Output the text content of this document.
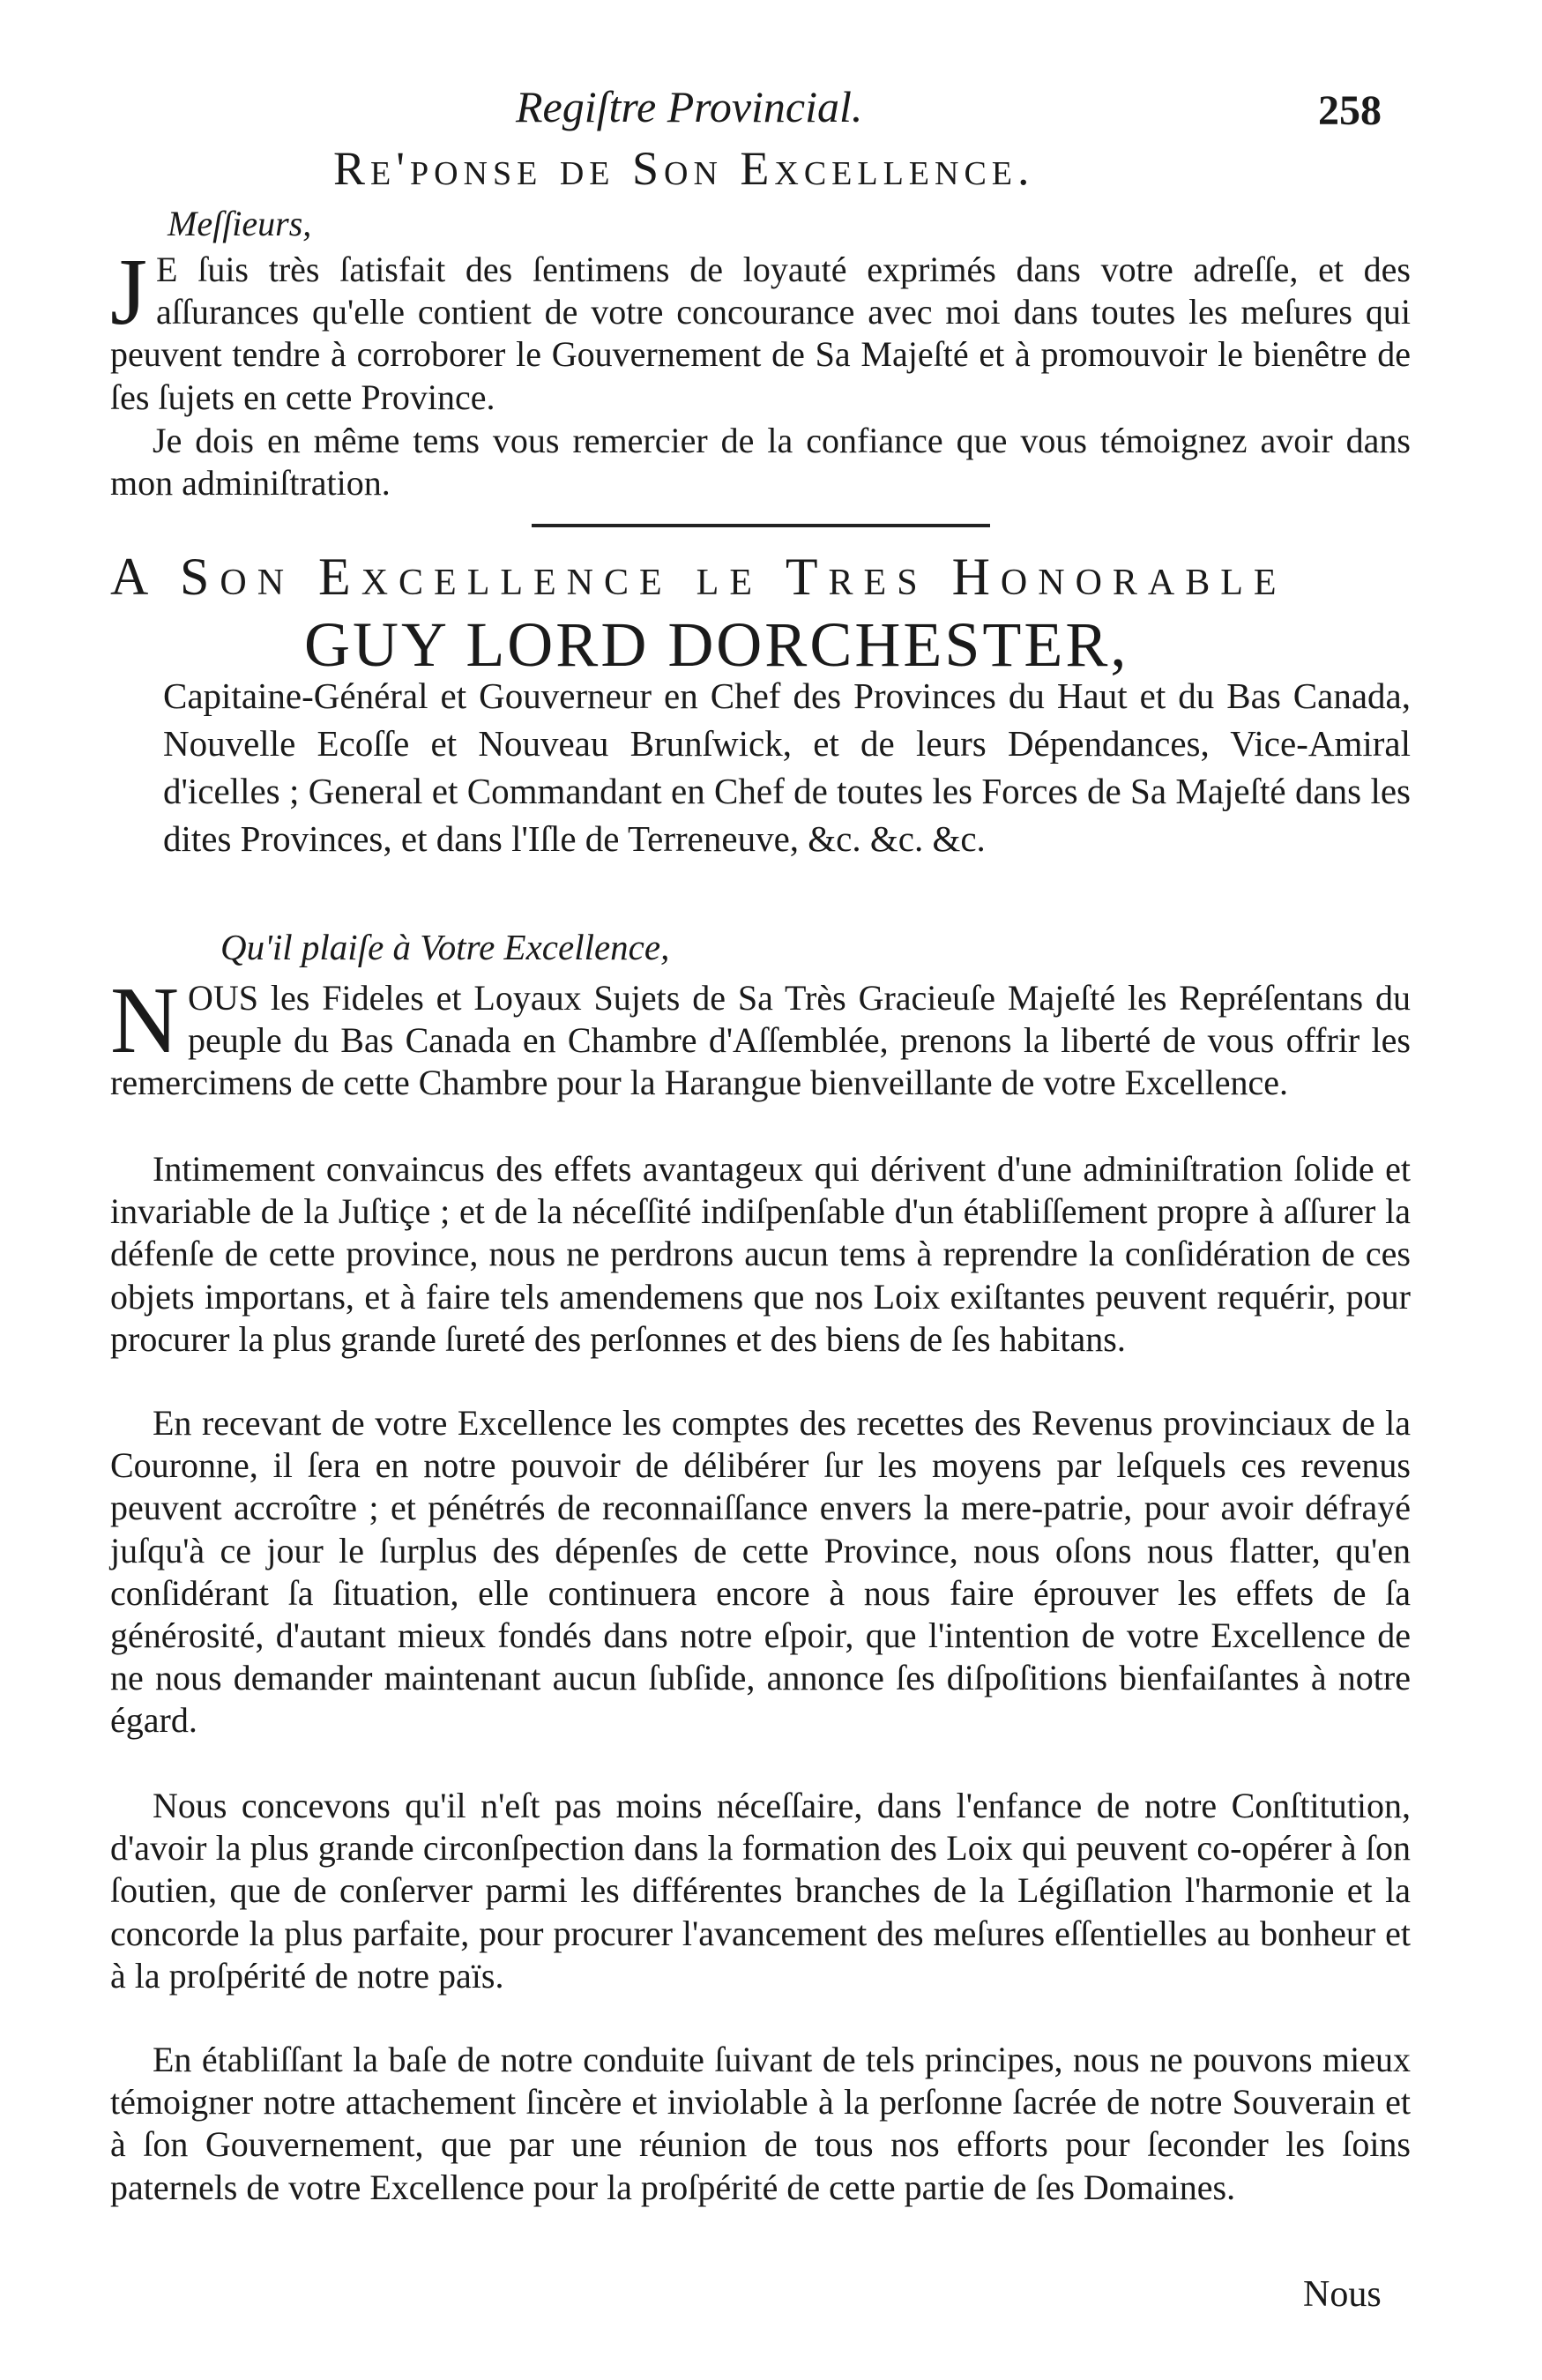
Regiſtre Provincial.	258
Re'ponse de Son Excellence.
Meſſieurs,
J E ſuis très ſatisfait des ſentimens de loyauté exprimés dans votre adreſſe, et des aſſurances qu'elle contient de votre concourance avec moi dans toutes les meſures qui peuvent tendre à corroborer le Gouvernement de Sa Majeſté et à promouvoir le bienêtre de ſes ſujets en cette Province.
Je dois en même tems vous remercier de la confiance que vous témoignez avoir dans mon adminiſtration.
A Son Excellence le Tres Honorable
GUY LORD DORCHESTER,
Capitaine-Général et Gouverneur en Chef des Provinces du Haut et du Bas Canada, Nouvelle Ecoſſe et Nouveau Brunſwick, et de leurs Dépendances, Vice-Amiral d'icelles ; General et Commandant en Chef de toutes les Forces de Sa Majeſté dans les dites Provinces, et dans l'Iſle de Terreneuve, &c. &c. &c.
Qu'il plaiſe à Votre Excellence,
N OUS les Fideles et Loyaux Sujets de Sa Très Gracieuſe Majeſté les Repréſentans du peuple du Bas Canada en Chambre d'Aſſemblée, prenons la liberté de vous offrir les remercimens de cette Chambre pour la Harangue bienveillante de votre Excellence.
Intimement convaincus des effets avantageux qui dérivent d'une adminiſtration ſolide et invariable de la Juſtiçe ; et de la néceſſité indiſpenſable d'un établiſſement propre à aſſurer la défenſe de cette province, nous ne perdrons aucun tems à reprendre la conſidération de ces objets importans, et à faire tels amendemens que nos Loix exiſtantes peuvent requérir, pour procurer la plus grande ſureté des perſonnes et des biens de ſes habitans.
En recevant de votre Excellence les comptes des recettes des Revenus provinciaux de la Couronne, il ſera en notre pouvoir de délibérer ſur les moyens par leſquels ces revenus peuvent accroître ; et pénétrés de reconnaiſſance envers la mere-patrie, pour avoir défrayé juſqu'à ce jour le ſurplus des dépenſes de cette Province, nous oſons nous flatter, qu'en conſidérant ſa ſituation, elle continuera encore à nous faire éprouver les effets de ſa générosité, d'autant mieux fondés dans notre eſpoir, que l'intention de votre Excellence de ne nous demander maintenant aucun ſubſide, annonce ſes diſpoſitions bienfaiſantes à notre égard.
Nous concevons qu'il n'eſt pas moins néceſſaire, dans l'enfance de notre Conſtitution, d'avoir la plus grande circonſpection dans la formation des Loix qui peuvent co-opérer à ſon ſoutien, que de conſerver parmi les différentes branches de la Légiſlation l'harmonie et la concorde la plus parfaite, pour procurer l'avancement des meſures eſſentielles au bonheur et à la proſpérité de notre païs.
En établiſſant la baſe de notre conduite ſuivant de tels principes, nous ne pouvons mieux témoigner notre attachement ſincère et inviolable à la perſonne ſacrée de notre Souverain et à ſon Gouvernement, que par une réunion de tous nos efforts pour ſeconder les ſoins paternels de votre Excellence pour la proſpérité de cette partie de ſes Domaines.
Nous
